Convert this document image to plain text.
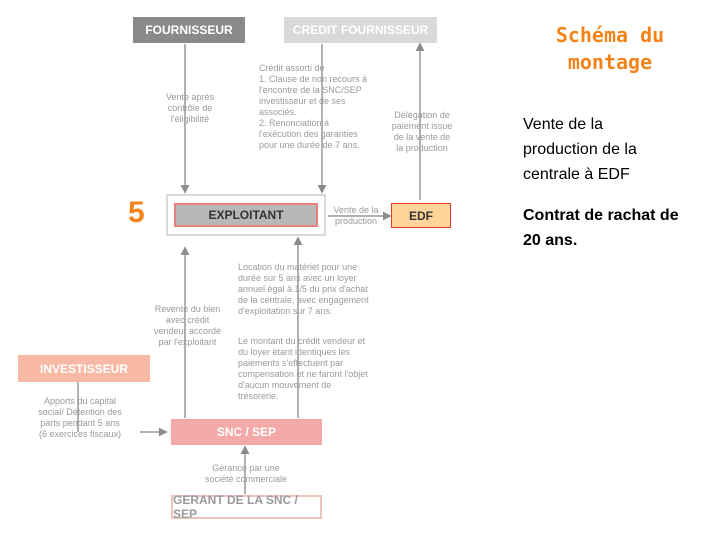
FOURNISSEUR	CREDIT FOURNISSEUR
EXPLOITANT	EDF
INVESTISSEUR
SNC / SEP
GERANT DE LA SNC / SEP
Vente après
contrôle de
l'éligibilité
Crédit assorti de
1. Clause de non recours à
l'encontre de la SNC/SEP
investisseur et de ses
associés.
2. Renonciation à
l'exécution des garanties
pour une durée de 7 ans.
Délégation de
paiement issue
de la vente de
la production
Vente de la
production
Location du matériel pour une
durée sur 5 ans avec un loyer
annuel égal à 1/5 du prix d'achat
de la centrale, avec engagement
d'exploitation sur 7 ans.
Le montant du crédit vendeur et
du loyer étant identiques les
paiements s'effectuent par
compensation et ne faront l'objet
d'aucun mouvement de
trésorerie.
Revente du bien
avec crédit
vendeur accordé
par l'exploitant
Apports du capital
social/ Détention des
parts pendant 5 ans
(6 exercices fiscaux)
Gérance par une
société commerciale
5
Schéma du
montage
Vente de la
production de la
centrale à EDF
Contrat de rachat de
20 ans.
